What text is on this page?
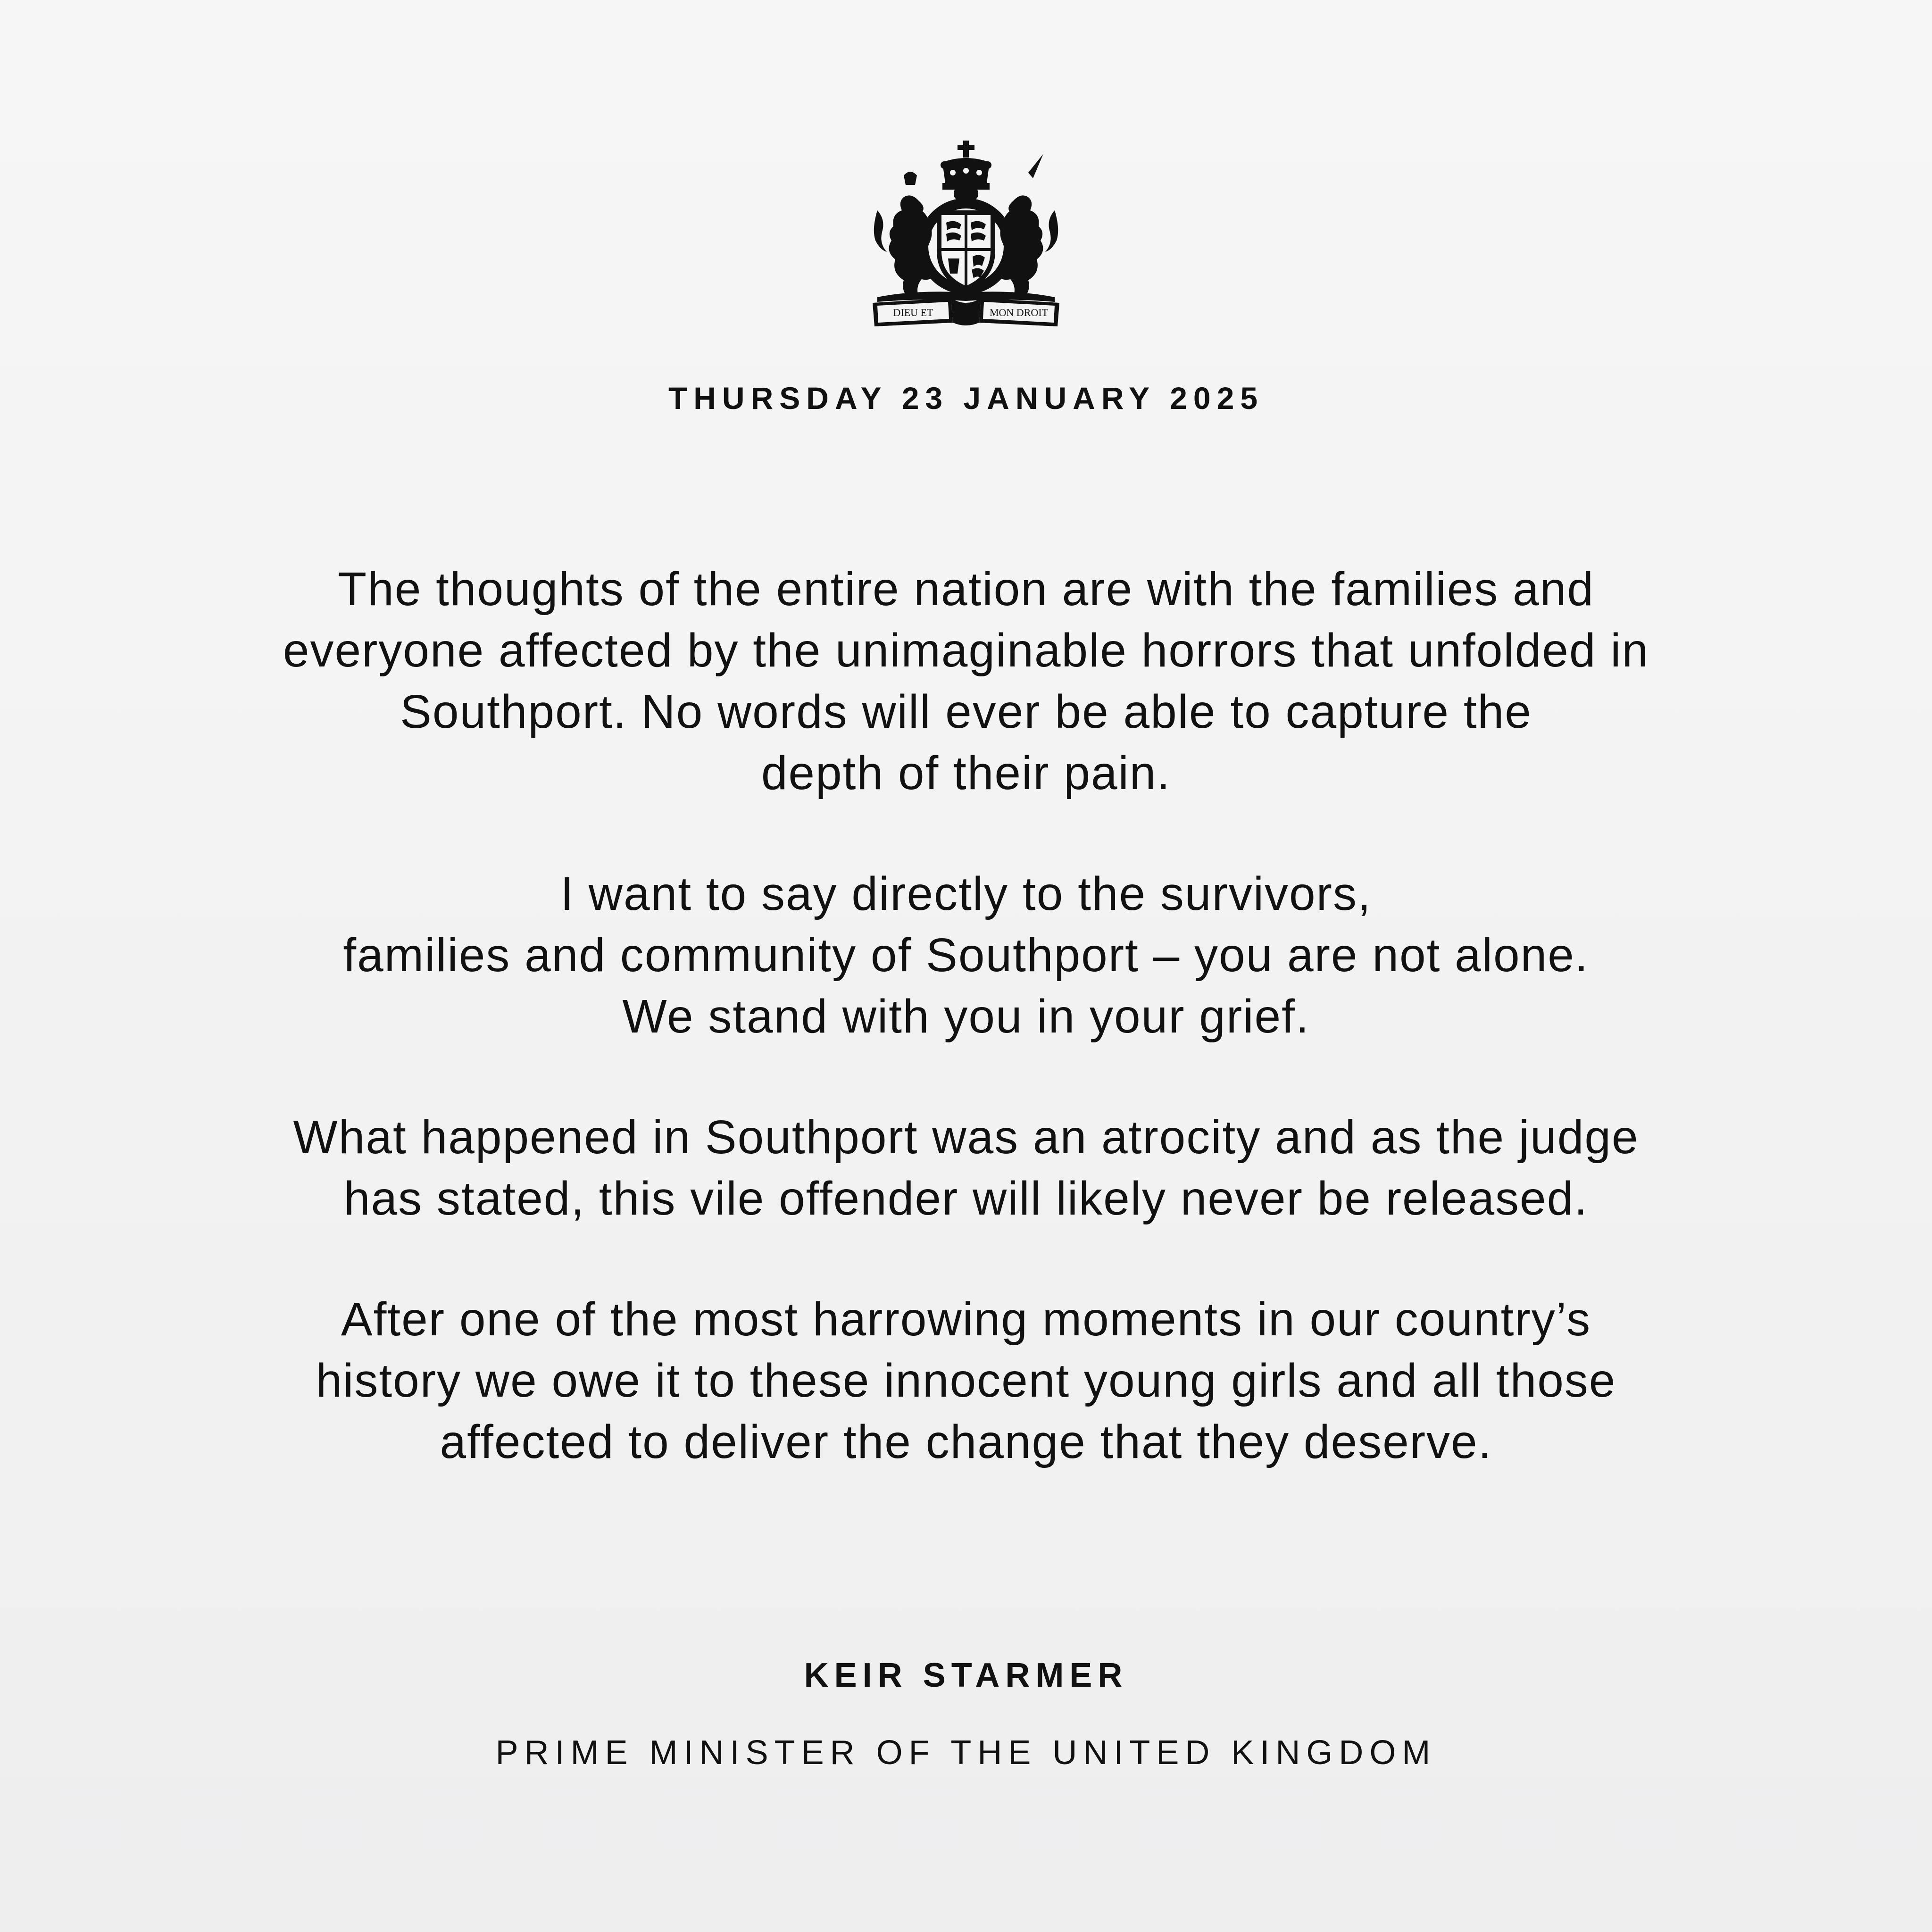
DIEU ET	MON DROIT
THURSDAY 23 JANUARY 2025
The thoughts of the entire nation are with the families and
everyone affected by the unimaginable horrors that unfolded in
Southport. No words will ever be able to capture the
depth of their pain.
I want to say directly to the survivors,
families and community of Southport – you are not alone.
We stand with you in your grief.
What happened in Southport was an atrocity and as the judge
has stated, this vile offender will likely never be released.
After one of the most harrowing moments in our country’s
history we owe it to these innocent young girls and all those
affected to deliver the change that they deserve.
KEIR STARMER
PRIME MINISTER OF THE UNITED KINGDOM
